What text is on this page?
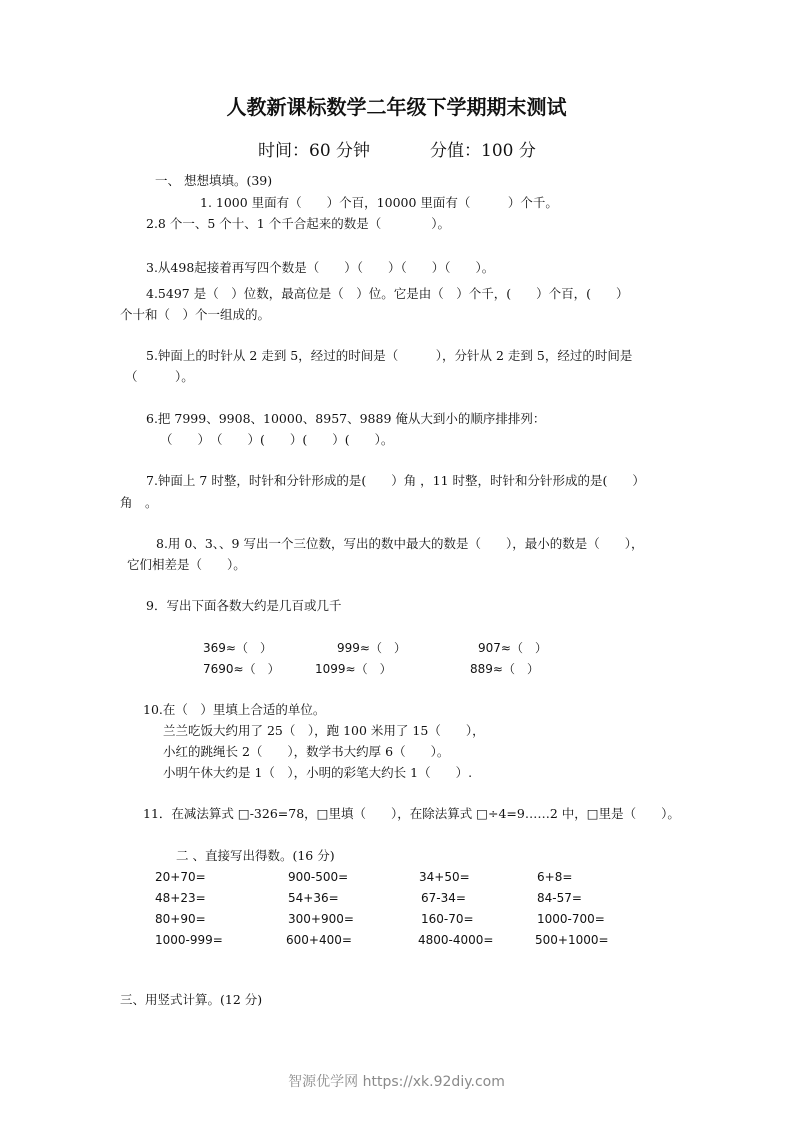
人教新课标数学二年级下学期期末测试
时间：60 分钟	分值：100 分
一、 想想填填。(39)
1. 1000 里面有（　　）个百，10000 里面有（　　　）个千。
2.8 个一、5 个十、1 个千合起来的数是（　　　　）。
3.从498起接着再写四个数是（　　）（　　）（　　）（　　）。
4.5497 是（　）位数，最高位是（　）位。它是由（　）个千，(　　）个百，(　　）
个十和（　）个一组成的。
5.钟面上的时针从 2 走到 5，经过的时间是（　　　），分针从 2 走到 5，经过的时间是
（　　　）。
6.把 7999、9908、10000、8957、9889 俺从大到小的顺序排排列：
（　　）　（　　）(　　）(　　）(　　）。
7.钟面上 7 时整，时针和分针形成的是(　　）角 ，11 时整，时针和分针形成的是(　　）
角　。
8.用 0、3、、9 写出一个三位数，写出的数中最大的数是（　　），最小的数是（　　），
它们相差是（　　）。
9．写出下面各数大约是几百或几千
369≈（　）	999≈（　）	907≈（　）
7690≈（　）	1099≈（　）	889≈（　）
10.在（　）里填上合适的单位。
兰兰吃饭大约用了 25（　），跑 100 米用了 15（　　），
小红的跳绳长 2（　　），数学书大约厚 6（　　）。
小明午休大约是 1（　），小明的彩笔大约长 1（　　）.
11．在减法算式 □-326=78，□里填（　　），在除法算式 □÷4=9……2 中，□里是（　　）。
二 、直接写出得数。(16 分)
20+70=	900-500=	34+50=	6+8=
48+23=	54+36=	67-34=	84-57=
80+90=	300+900=	160-70=	1000-700=
1000-999=	600+400=	4800-4000=	500+1000=
三、用竖式计算。(12 分)
智源优学网 https://xk.92diy.com
